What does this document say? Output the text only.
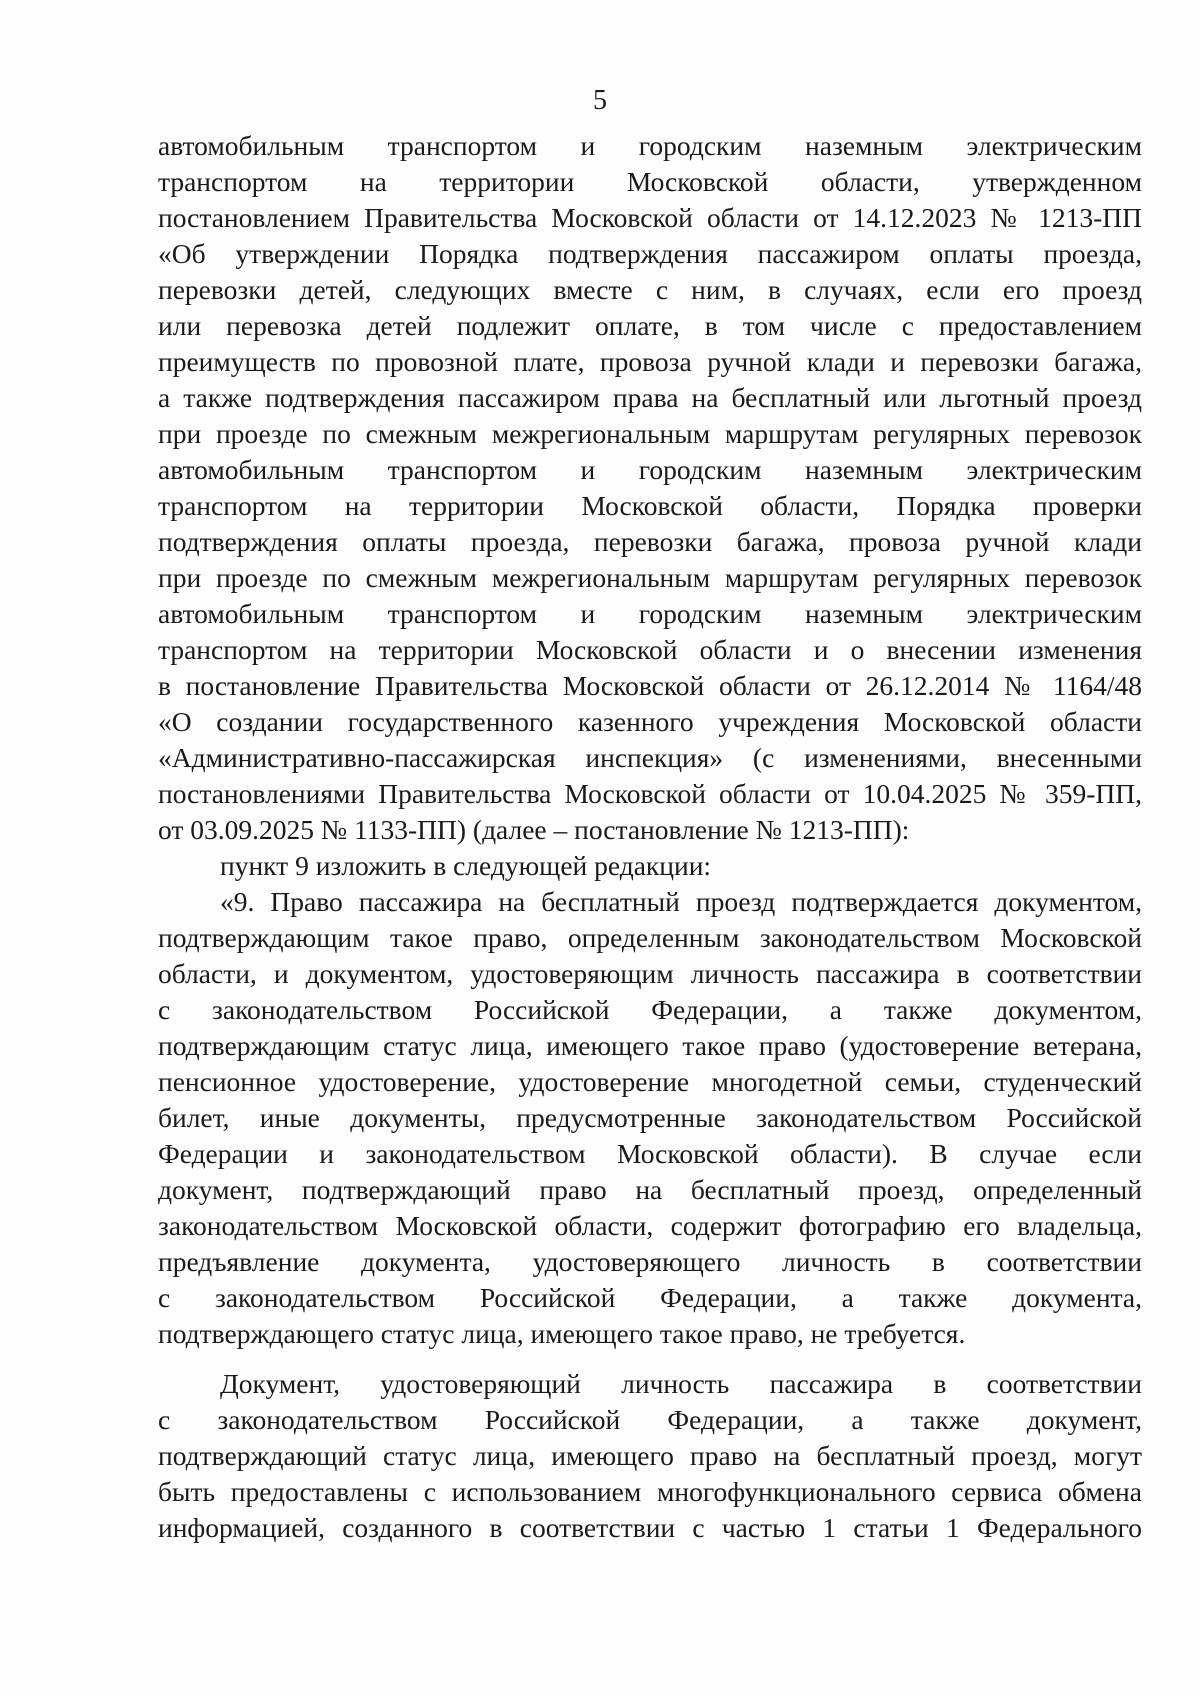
5
автомобильным транспортом и городским наземным электрическим
транспортом на территории Московской области, утвержденном
постановлением Правительства Московской области от 14.12.2023 № 1213-ПП
«Об утверждении Порядка подтверждения пассажиром оплаты проезда,
перевозки детей, следующих вместе с ним, в случаях, если его проезд
или перевозка детей подлежит оплате, в том числе с предоставлением
преимуществ по провозной плате, провоза ручной клади и перевозки багажа,
а также подтверждения пассажиром права на бесплатный или льготный проезд
при проезде по смежным межрегиональным маршрутам регулярных перевозок
автомобильным транспортом и городским наземным электрическим
транспортом на территории Московской области, Порядка проверки
подтверждения оплаты проезда, перевозки багажа, провоза ручной клади
при проезде по смежным межрегиональным маршрутам регулярных перевозок
автомобильным транспортом и городским наземным электрическим
транспортом на территории Московской области и о внесении изменения
в постановление Правительства Московской области от 26.12.2014 № 1164/48
«О создании государственного казенного учреждения Московской области
«Административно-пассажирская инспекция» (с изменениями, внесенными
постановлениями Правительства Московской области от 10.04.2025 № 359-ПП,
от 03.09.2025 № 1133-ПП) (далее – постановление № 1213-ПП):
пункт 9 изложить в следующей редакции:
«9. Право пассажира на бесплатный проезд подтверждается документом,
подтверждающим такое право, определенным законодательством Московской
области, и документом, удостоверяющим личность пассажира в соответствии
с законодательством Российской Федерации, а также документом,
подтверждающим статус лица, имеющего такое право (удостоверение ветерана,
пенсионное удостоверение, удостоверение многодетной семьи, студенческий
билет, иные документы, предусмотренные законодательством Российской
Федерации и законодательством Московской области). В случае если
документ, подтверждающий право на бесплатный проезд, определенный
законодательством Московской области, содержит фотографию его владельца,
предъявление документа, удостоверяющего личность в соответствии
с законодательством Российской Федерации, а также документа,
подтверждающего статус лица, имеющего такое право, не требуется.
Документ, удостоверяющий личность пассажира в соответствии
с законодательством Российской Федерации, а также документ,
подтверждающий статус лица, имеющего право на бесплатный проезд, могут
быть предоставлены с использованием многофункционального сервиса обмена
информацией, созданного в соответствии с частью 1 статьи 1 Федерального
